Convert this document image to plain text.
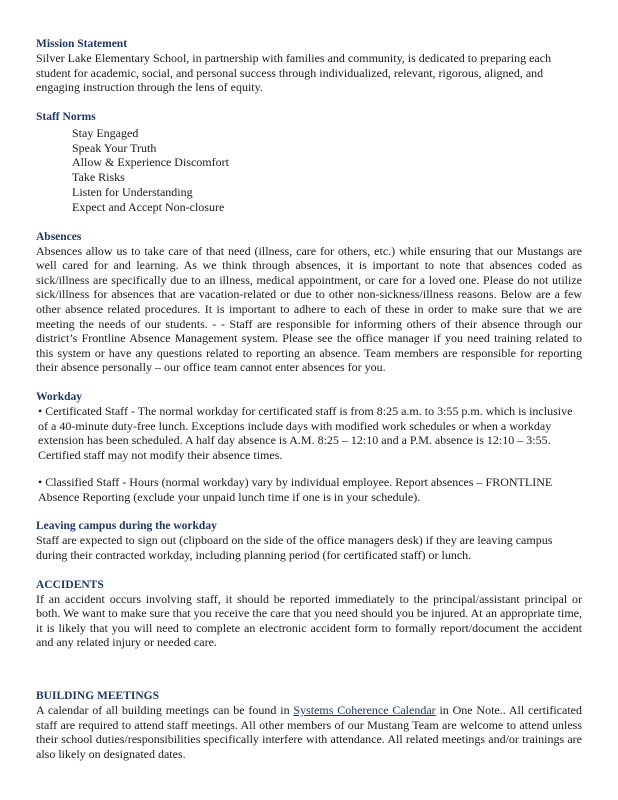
Mission Statement

Silver Lake Elementary School, in partnership with families and community, is dedicated to preparing each student for academic, social, and personal success through individualized, relevant, rigorous, aligned, and engaging instruction through the lens of equity.

Staff Norms

Stay Engaged
Speak Your Truth
Allow & Experience Discomfort
Take Risks
Listen for Understanding
Expect and Accept Non-closure

Absences

Absences allow us to take care of that need (illness, care for others, etc.) while ensuring that our Mustangs are well cared for and learning. As we think through absences, it is important to note that absences coded as sick/illness are specifically due to an illness, medical appointment, or care for a loved one. Please do not utilize sick/illness for absences that are vacation-related or due to other non-sickness/illness reasons. Below are a few other absence related procedures. It is important to adhere to each of these in order to make sure that we are meeting the needs of our students. - - Staff are responsible for informing others of their absence through our district’s Frontline Absence Management system. Please see the office manager if you need training related to this system or have any questions related to reporting an absence. Team members are responsible for reporting their absence personally – our office team cannot enter absences for you.

Workday

• Certificated Staff - The normal workday for certificated staff is from 8:25 a.m. to 3:55 p.m. which is inclusive of a 40-minute duty-free lunch. Exceptions include days with modified work schedules or when a workday extension has been scheduled. A half day absence is A.M. 8:25 – 12:10 and a P.M. absence is 12:10 – 3:55. Certified staff may not modify their absence times.

• Classified Staff - Hours (normal workday) vary by individual employee. Report absences – FRONTLINE Absence Reporting (exclude your unpaid lunch time if one is in your schedule).

Leaving campus during the workday

Staff are expected to sign out (clipboard on the side of the office managers desk) if they are leaving campus during their contracted workday, including planning period (for certificated staff) or lunch.

ACCIDENTS

If an accident occurs involving staff, it should be reported immediately to the principal/assistant principal or both. We want to make sure that you receive the care that you need should you be injured. At an appropriate time, it is likely that you will need to complete an electronic accident form to formally report/document the accident and any related injury or needed care.

BUILDING MEETINGS

A calendar of all building meetings can be found in Systems Coherence Calendar in One Note.. All certificated staff are required to attend staff meetings. All other members of our Mustang Team are welcome to attend unless their school duties/responsibilities specifically interfere with attendance. All related meetings and/or trainings are also likely on designated dates.
